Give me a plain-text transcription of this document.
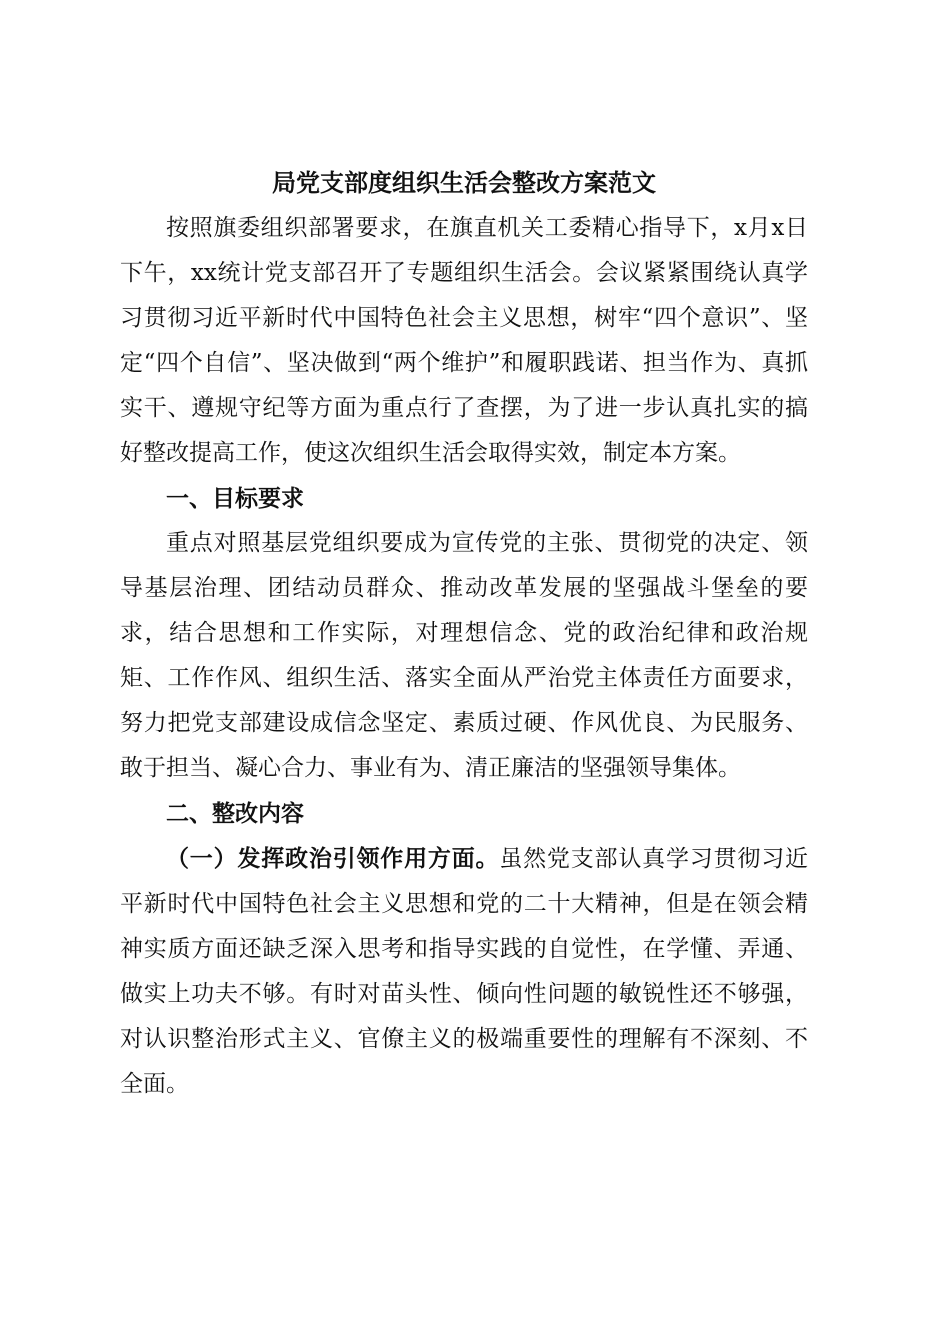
局党支部度组织生活会整改方案范文

按照旗委组织部署要求，在旗直机关工委精心指导下，x月x日下午，xx统计党支部召开了专题组织生活会。会议紧紧围绕认真学习贯彻习近平新时代中国特色社会主义思想，树牢“四个意识”、坚定“四个自信”、坚决做到“两个维护”和履职践诺、担当作为、真抓实干、遵规守纪等方面为重点行了查摆，为了进一步认真扎实的搞好整改提高工作，使这次组织生活会取得实效，制定本方案。

一、目标要求

重点对照基层党组织要成为宣传党的主张、贯彻党的决定、领导基层治理、团结动员群众、推动改革发展的坚强战斗堡垒的要求，结合思想和工作实际，对理想信念、党的政治纪律和政治规矩、工作作风、组织生活、落实全面从严治党主体责任方面要求，努力把党支部建设成信念坚定、素质过硬、作风优良、为民服务、敢于担当、凝心合力、事业有为、清正廉洁的坚强领导集体。

二、整改内容

（一）发挥政治引领作用方面。虽然党支部认真学习贯彻习近平新时代中国特色社会主义思想和党的二十大精神，但是在领会精神实质方面还缺乏深入思考和指导实践的自觉性，在学懂、弄通、做实上功夫不够。有时对苗头性、倾向性问题的敏锐性还不够强，对认识整治形式主义、官僚主义的极端重要性的理解有不深刻、不全面。
